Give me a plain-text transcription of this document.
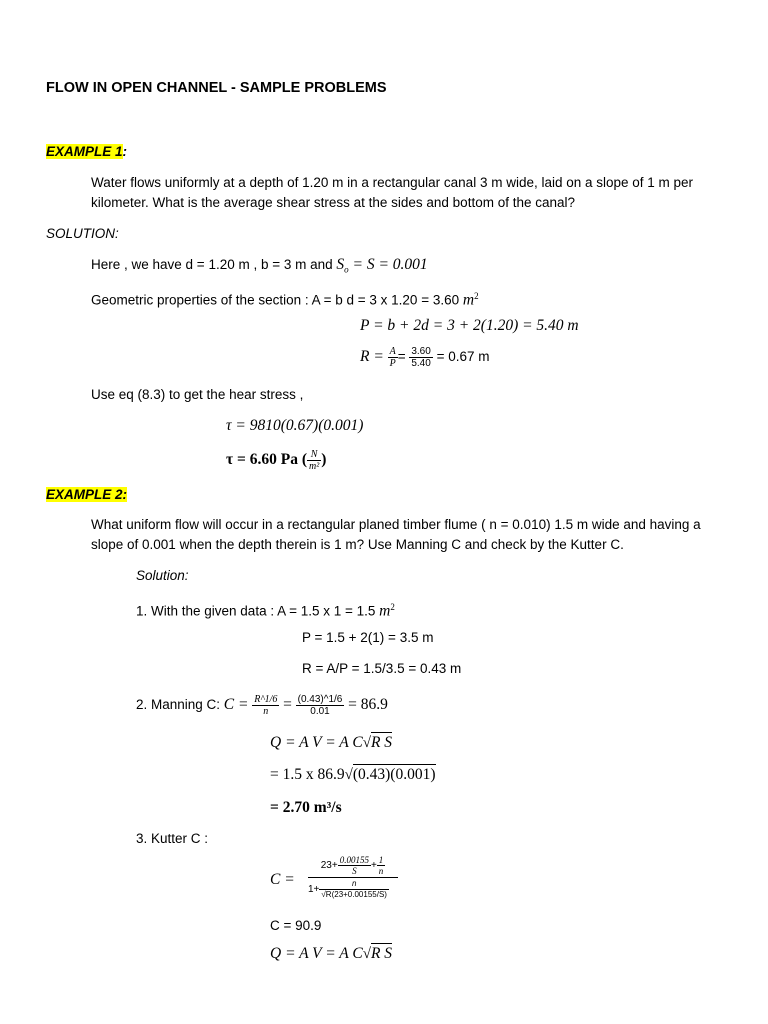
FLOW IN OPEN CHANNEL - SAMPLE PROBLEMS
EXAMPLE 1:
Water flows uniformly at a depth of 1.20 m in a rectangular canal 3 m wide, laid on a slope of 1 m per
kilometer. What is the average shear stress at the sides and bottom of the canal?
SOLUTION:
Here , we have d = 1.20 m , b = 3 m and $S_o = S = 0.001$
Geometric properties of the section : A = b d = 3 x 1.20 = 3.60 $m^2$
P = b + 2d = 3 + 2(1.20) = 5.40 m
$R = \frac{A}{P} = \frac{3.60}{5.40} = 0.67$ m
Use eq (8.3) to get the hear stress ,
τ = 9810(0.67)(0.001)
τ = 6.60 Pa ( $\frac{N}{\text{m²}}$ )
EXAMPLE 2:
What uniform flow will occur in a rectangular planed timber flume ( n = 0.010) 1.5 m wide and having a
slope of 0.001 when the depth therein is 1 m? Use Manning C and check by the Kutter C.
Solution:
1. With the given data : A = 1.5 x 1 = 1.5 $m^2$
P = 1.5 + 2(1) = 3.5 m
R = A/P = 1.5/3.5 = 0.43 m
2. Manning C: $C = \frac{R\^{}1/6}{n} = \frac{(0.43)\^{}1/6}{0.01} = 86.9$
Q = A V = A C√R S
= 1.5 x 86.9√(0.43)(0.001)
= 2.70 m³/s
3. Kutter C :
$C = \frac{23+ \frac{0.00155}{S} + \frac{1}{n}}{1+ \frac{n}{√R(23+0.00155/S)}}$
C = 90.9
Q = A V = A C√R S
